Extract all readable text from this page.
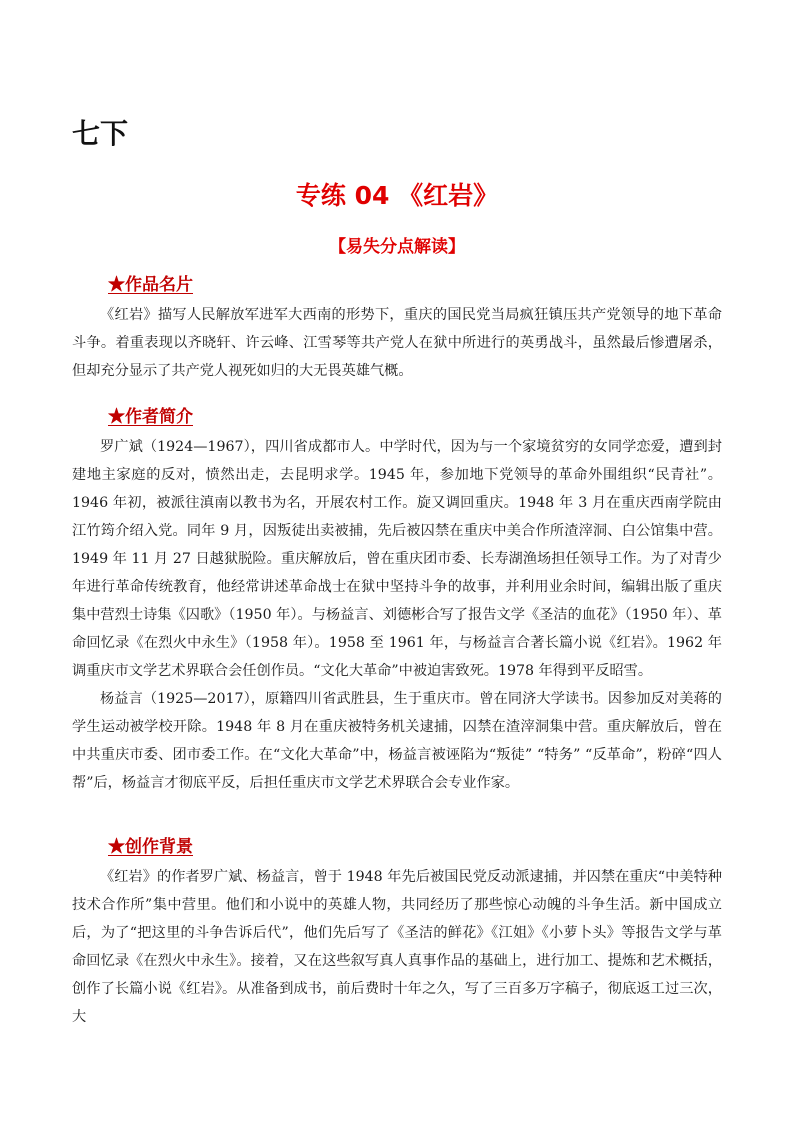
七下
专练 04 《红岩》
【易失分点解读】
★作品名片

《红岩》描写人民解放军进军大西南的形势下，重庆的国民党当局疯狂镇压共产党领导的地下革命斗争。着重表现以齐晓轩、许云峰、江雪琴等共产党人在狱中所进行的英勇战斗，虽然最后惨遭屠杀，但却充分显示了共产党人视死如归的大无畏英雄气概。

★作者简介

罗广斌（1924—1967），四川省成都市人。中学时代，因为与一个家境贫穷的女同学恋爱，遭到封建地主家庭的反对，愤然出走，去昆明求学。1945 年，参加地下党领导的革命外围组织“民青社”。1946 年初，被派往滇南以教书为名，开展农村工作。旋又调回重庆。1948 年 3 月在重庆西南学院由江竹筠介绍入党。同年 9 月，因叛徒出卖被捕，先后被囚禁在重庆中美合作所渣滓洞、白公馆集中营。1949 年 11 月 27 日越狱脱险。重庆解放后，曾在重庆团市委、长寿湖渔场担任领导工作。为了对青少年进行革命传统教育，他经常讲述革命战士在狱中坚持斗争的故事，并利用业余时间，编辑出版了重庆集中营烈士诗集《囚歌》（1950 年）。与杨益言、刘德彬合写了报告文学《圣洁的血花》（1950 年）、革命回忆录《在烈火中永生》（1958 年）。1958 至 1961 年，与杨益言合著长篇小说《红岩》。1962 年调重庆市文学艺术界联合会任创作员。“文化大革命”中被迫害致死。1978 年得到平反昭雪。

杨益言（1925—2017），原籍四川省武胜县，生于重庆市。曾在同济大学读书。因参加反对美蒋的学生运动被学校开除。1948 年 8 月在重庆被特务机关逮捕，囚禁在渣滓洞集中营。重庆解放后，曾在中共重庆市委、团市委工作。在“文化大革命”中，杨益言被诬陷为“叛徒” “特务” “反革命”，粉碎“四人帮”后，杨益言才彻底平反，后担任重庆市文学艺术界联合会专业作家。

★创作背景

《红岩》的作者罗广斌、杨益言，曾于 1948 年先后被国民党反动派逮捕，并囚禁在重庆“中美特种技术合作所”集中营里。他们和小说中的英雄人物，共同经历了那些惊心动魄的斗争生活。新中国成立后，为了“把这里的斗争告诉后代”，他们先后写了《圣洁的鲜花》《江姐》《小萝卜头》等报告文学与革命回忆录《在烈火中永生》。接着，又在这些叙写真人真事作品的基础上，进行加工、提炼和艺术概括，创作了长篇小说《红岩》。从准备到成书，前后费时十年之久，写了三百多万字稿子，彻底返工过三次，大
